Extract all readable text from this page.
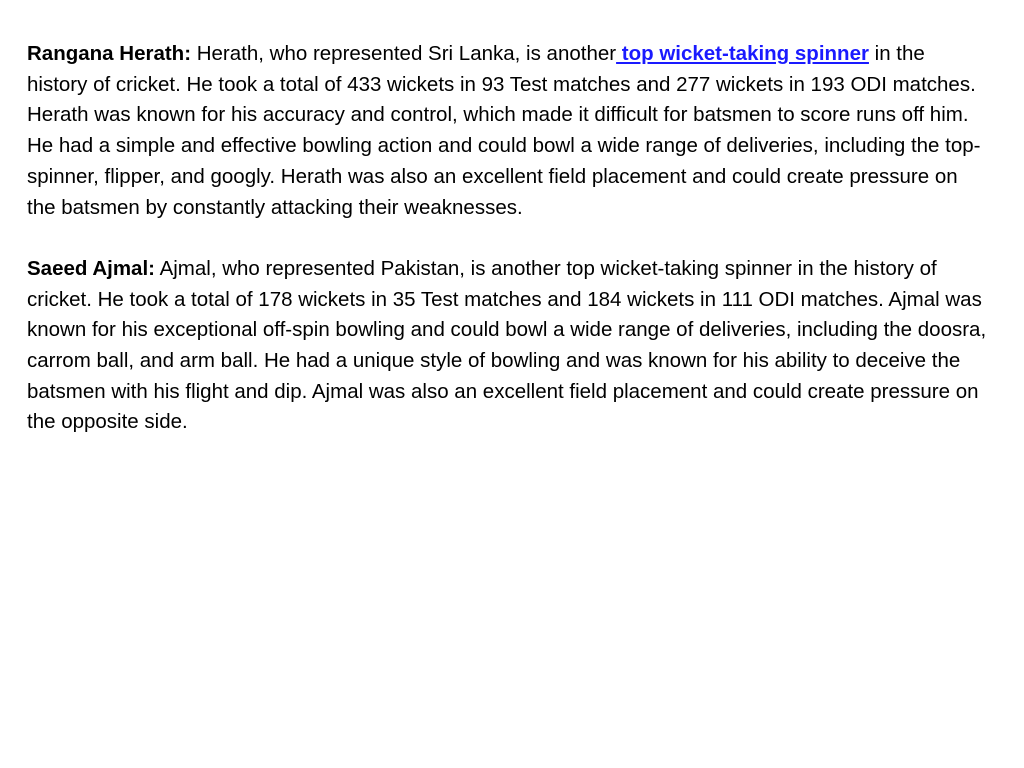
Rangana Herath: Herath, who represented Sri Lanka, is another top wicket-taking spinner in the history of cricket. He took a total of 433 wickets in 93 Test matches and 277 wickets in 193 ODI matches. Herath was known for his accuracy and control, which made it difficult for batsmen to score runs off him. He had a simple and effective bowling action and could bowl a wide range of deliveries, including the top-spinner, flipper, and googly. Herath was also an excellent field placement and could create pressure on the batsmen by constantly attacking their weaknesses.

Saeed Ajmal: Ajmal, who represented Pakistan, is another top wicket-taking spinner in the history of cricket. He took a total of 178 wickets in 35 Test matches and 184 wickets in 111 ODI matches. Ajmal was known for his exceptional off-spin bowling and could bowl a wide range of deliveries, including the doosra, carrom ball, and arm ball. He had a unique style of bowling and was known for his ability to deceive the batsmen with his flight and dip. Ajmal was also an excellent field placement and could create pressure on the opposite side.
